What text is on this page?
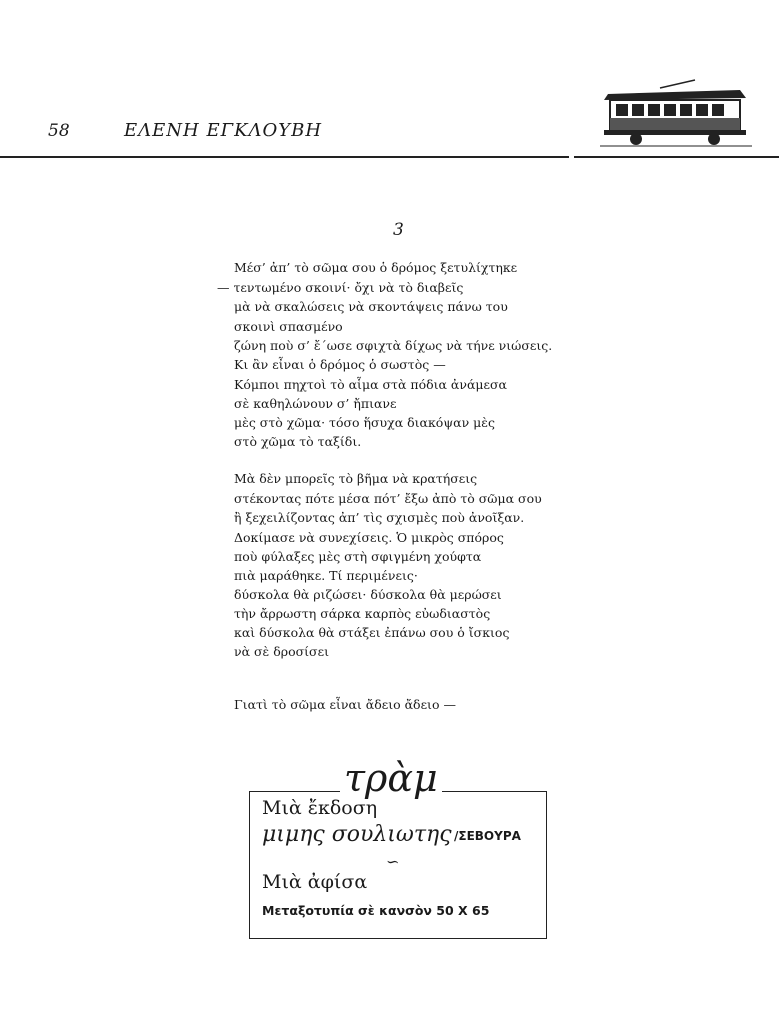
58	ΕΛΕΝΗ ΕΓΚΛΟΥΒΗ
3
Μέσ’ ἀπ’ τὸ σῶμα σου ὁ δρόμος ξετυλίχτηκε
— τεντωμένο σκοινί· ὄχι νὰ τὸ διαβεῖς
μὰ νὰ σκαλώσεις νὰ σκοντάψεις πάνω του
σκοινὶ σπασμένο
ζώνη ποὺ σ’ ἔ΄ωσε σφιχτὰ δίχως νὰ τήνε νιώσεις.
Κι ἂν εἶναι ὁ δρόμος ὁ σωστὸς —
Κόμποι πηχτοὶ τὸ αἷμα στὰ πόδια ἀνάμεσα
σὲ καθηλώνουν σ’ ἤπιανε
μὲς στὸ χῶμα· τόσο ἥσυχα διακόψαν μὲς
στὸ χῶμα τὸ ταξίδι.
Μὰ δὲν μπορεῖς τὸ βῆμα νὰ κρατήσεις
στέκοντας πότε μέσα πότ’ ἔξω ἀπὸ τὸ σῶμα σου
ἢ ξεχειλίζοντας ἀπ’ τὶς σχισμὲς ποὺ ἀνοῖξαν.
Δοκίμασε νὰ συνεχίσεις. Ὁ μικρὸς σπόρος
ποὺ φύλαξες μὲς στὴ σφιγμένη χούφτα
πιὰ μαράθηκε. Τί περιμένεις·
δύσκολα θὰ ριζώσει· δύσκολα θὰ μερώσει
τὴν ἄρρωστη σάρκα καρπὸς εὐωδιαστὸς
καὶ δύσκολα θὰ στάξει ἐπάνω σου ὁ ἴσκιος
νὰ σὲ δροσίσει
Γιατὶ τὸ σῶμα εἶναι ἄδειο ἄδειο —
τρὰμ
Μιὰ ἔκδοση
μιμης σουλιωτης /ΣΕΒΟΥΡΑ
∽
Μιὰ ἀφίσα
Μεταξοτυπία σὲ κανσὸν 50 X 65
